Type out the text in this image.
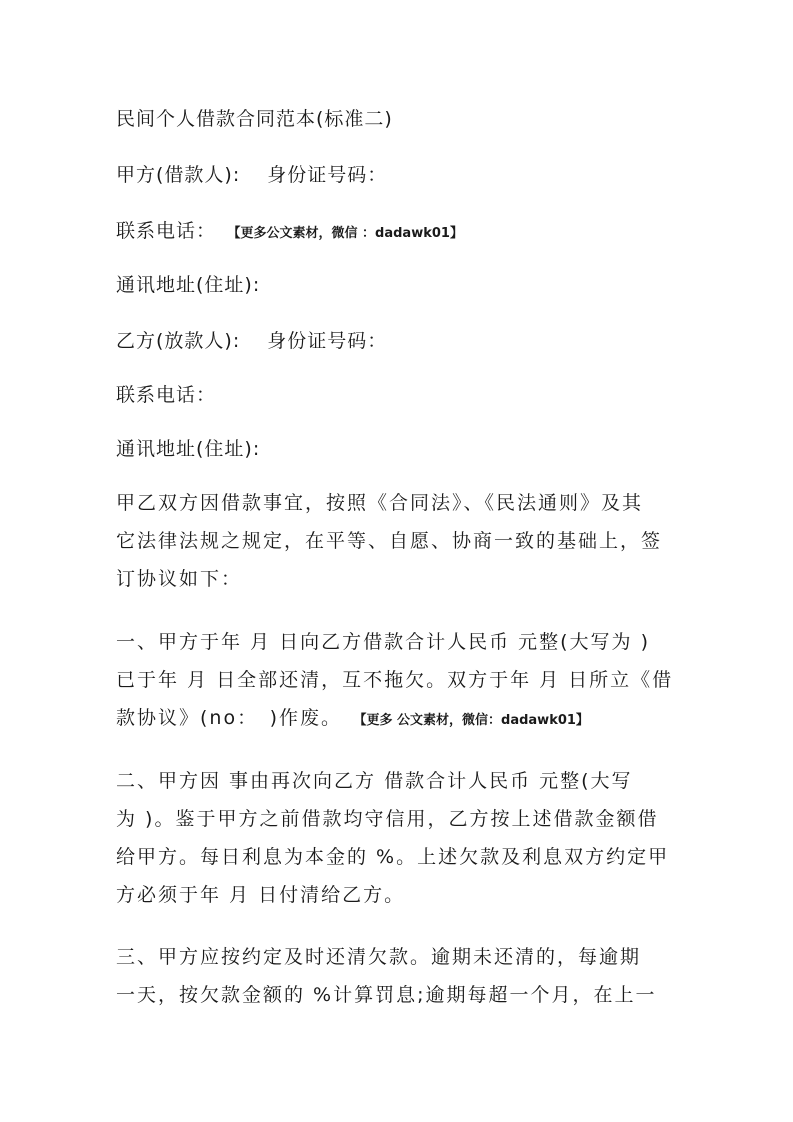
民间个人借款合同范本(标准二)
甲方(借款人):　 身份证号码：
联系电话： 【更多公文素材，微信 ：dadawk01】
通讯地址(住址):
乙方(放款人):　 身份证号码：
联系电话：
通讯地址(住址):
甲乙双方因借款事宜，按照《合同法》、《民法通则》及其
它法律法规之规定，在平等、自愿、协商一致的基础上，签
订协议如下：
一、甲方于年 月 日向乙方借款合计人民币 元整(大写为 )
已于年 月 日全部还清，互不拖欠。双方于年 月 日所立《借
款协议》(no：　)作废。 【更多 公文素材，微信：dadawk01】
二、甲方因 事由再次向乙方 借款合计人民币 元整(大写
为 )。鉴于甲方之前借款均守信用，乙方按上述借款金额借
给甲方。每日利息为本金的 %。上述欠款及利息双方约定甲
方必须于年 月 日付清给乙方。
三、甲方应按约定及时还清欠款。逾期未还清的，每逾期
一天，按欠款金额的 %计算罚息;逾期每超一个月，在上一
